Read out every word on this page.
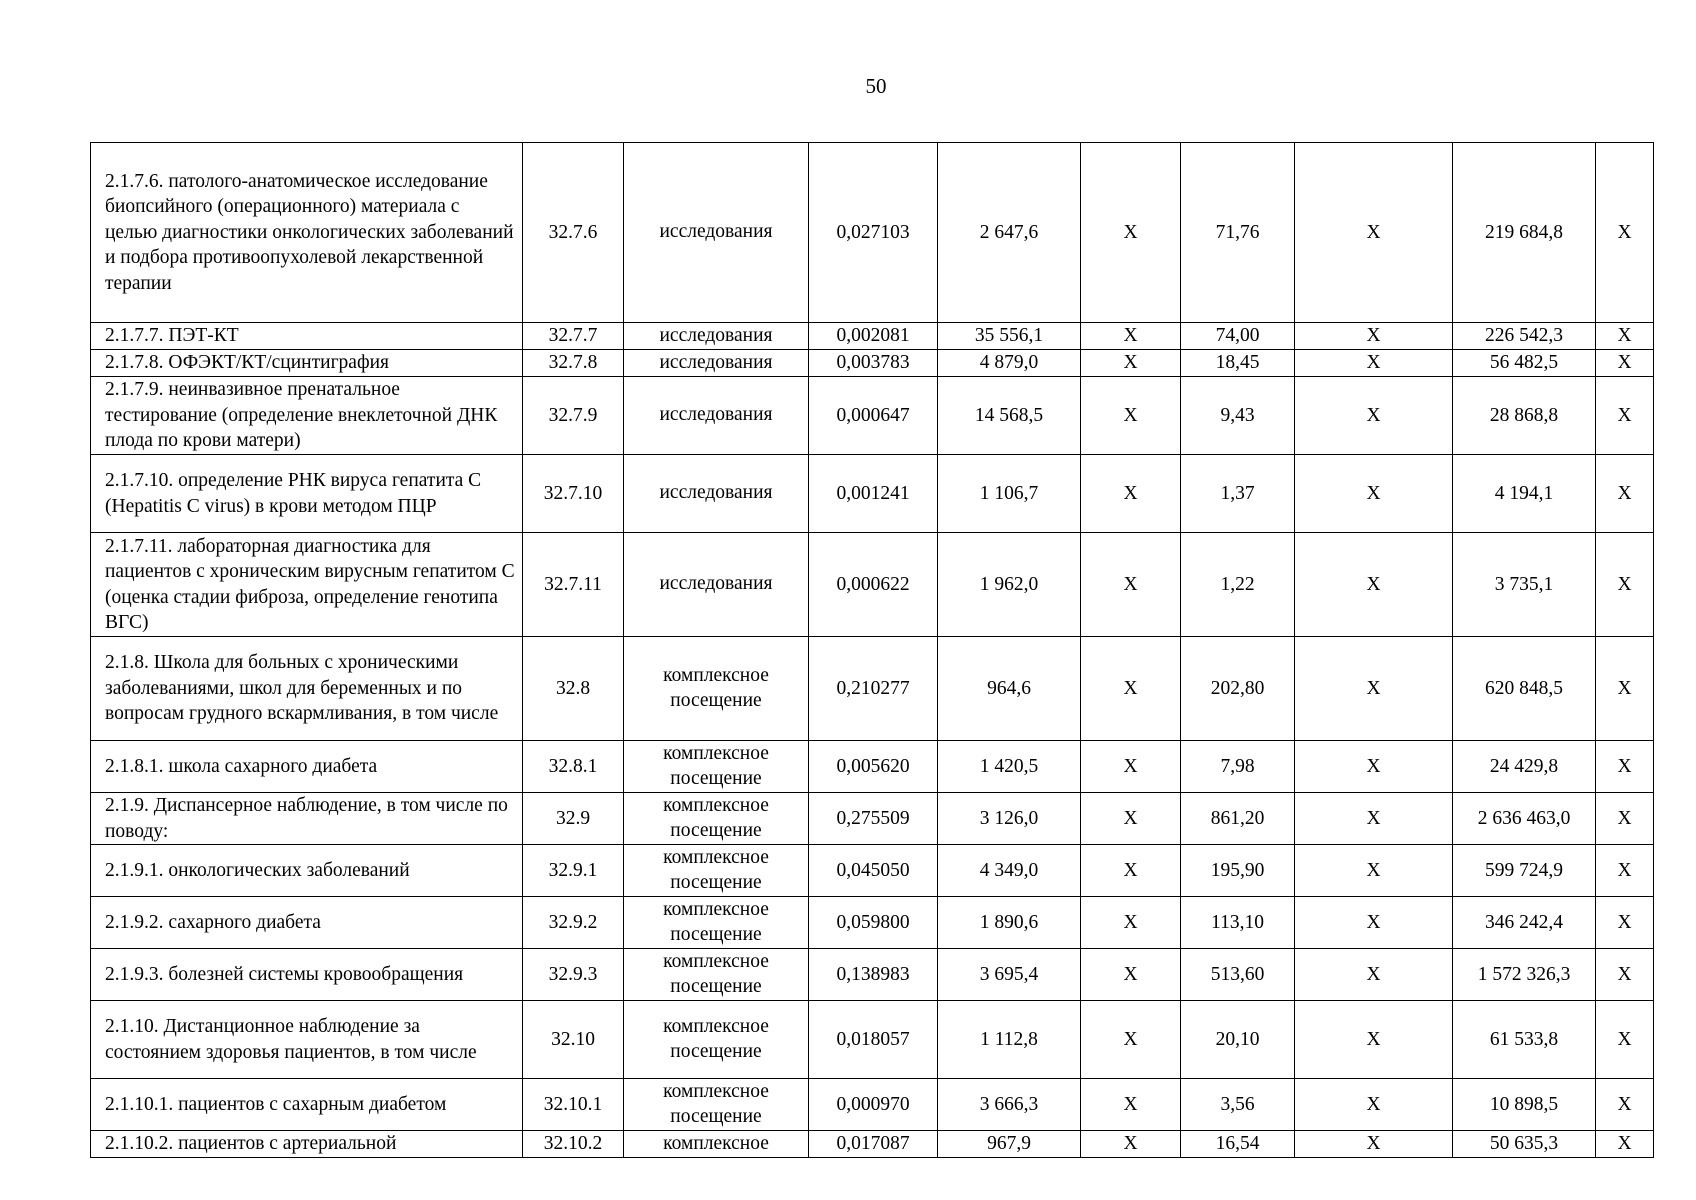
50
2.1.7.6. патолого-анатомическое исследование биопсийного (операционного) материала с целью диагностики онкологических заболеваний и подбора противоопухолевой лекарственной терапии	32.7.6	исследования	0,027103	2 647,6	Х	71,76	Х	219 684,8	Х
2.1.7.7. ПЭТ-КТ	32.7.7	исследования	0,002081	35 556,1	Х	74,00	Х	226 542,3	Х
2.1.7.8. ОФЭКТ/КТ/сцинтиграфия	32.7.8	исследования	0,003783	4 879,0	Х	18,45	Х	56 482,5	Х
2.1.7.9. неинвазивное пренатальное тестирование (определение внеклеточной ДНК плода по крови матери)	32.7.9	исследования	0,000647	14 568,5	Х	9,43	Х	28 868,8	Х
2.1.7.10. определение РНК вируса гепатита С (Hepatitis C virus) в крови методом ПЦР	32.7.10	исследования	0,001241	1 106,7	Х	1,37	Х	4 194,1	Х
2.1.7.11. лабораторная диагностика для пациентов с хроническим вирусным гепатитом С (оценка стадии фиброза, определение генотипа ВГС)	32.7.11	исследования	0,000622	1 962,0	Х	1,22	Х	3 735,1	Х
2.1.8. Школа для больных с хроническими заболеваниями, школ для беременных и по вопросам грудного вскармливания, в том числе	32.8	комплексное посещение	0,210277	964,6	Х	202,80	Х	620 848,5	Х
2.1.8.1. школа сахарного диабета	32.8.1	комплексное посещение	0,005620	1 420,5	Х	7,98	Х	24 429,8	Х
2.1.9. Диспансерное наблюдение, в том числе по поводу:	32.9	комплексное посещение	0,275509	3 126,0	Х	861,20	Х	2 636 463,0	Х
2.1.9.1. онкологических заболеваний	32.9.1	комплексное посещение	0,045050	4 349,0	Х	195,90	Х	599 724,9	Х
2.1.9.2. сахарного диабета	32.9.2	комплексное посещение	0,059800	1 890,6	Х	113,10	Х	346 242,4	Х
2.1.9.3. болезней системы кровообращения	32.9.3	комплексное посещение	0,138983	3 695,4	Х	513,60	Х	1 572 326,3	Х
2.1.10. Дистанционное наблюдение за состоянием здоровья пациентов, в том числе	32.10	комплексное посещение	0,018057	1 112,8	Х	20,10	Х	61 533,8	Х
2.1.10.1. пациентов с сахарным диабетом	32.10.1	комплексное посещение	0,000970	3 666,3	Х	3,56	Х	10 898,5	Х
2.1.10.2. пациентов с артериальной	32.10.2	комплексное	0,017087	967,9	Х	16,54	Х	50 635,3	Х
